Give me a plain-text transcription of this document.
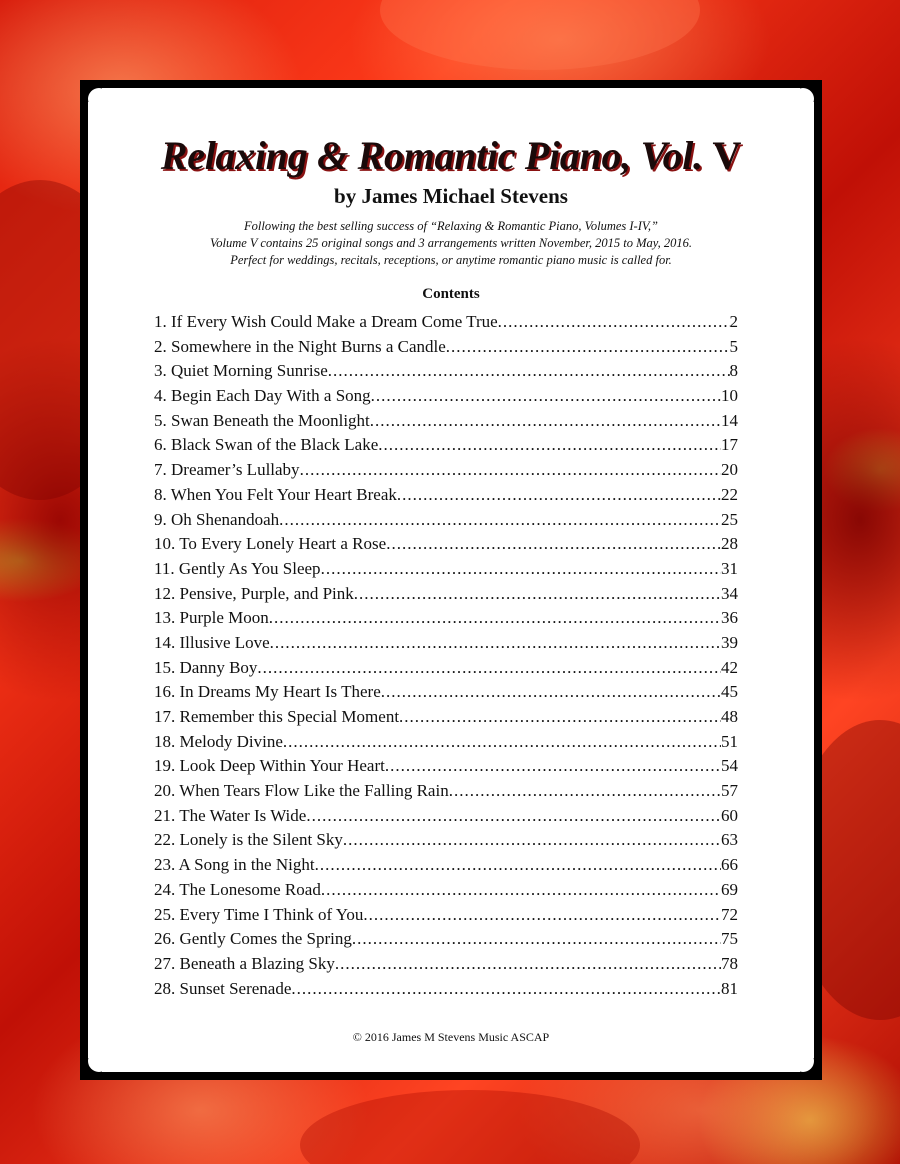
Relaxing & Romantic Piano, Vol. V
by James Michael Stevens
Following the best selling success of “Relaxing & Romantic Piano, Volumes I-IV,”
Volume V contains 25 original songs and 3 arrangements written November, 2015 to May, 2016.
Perfect for weddings, recitals, receptions, or anytime romantic piano music is called for.
Contents
1. If Every Wish Could Make a Dream Come True .....	2
2. Somewhere in the Night Burns a Candle .....	5
3. Quiet Morning Sunrise .....	8
4. Begin Each Day With a Song .....	10
5. Swan Beneath the Moonlight .....	14
6. Black Swan of the Black Lake .....	17
7. Dreamer’s Lullaby .....	20
8. When You Felt Your Heart Break .....	22
9. Oh Shenandoah .....	25
10. To Every Lonely Heart a Rose .....	28
11. Gently As You Sleep .....	31
12. Pensive, Purple, and Pink .....	34
13. Purple Moon .....	36
14. Illusive Love .....	39
15. Danny Boy .....	42
16. In Dreams My Heart Is There .....	45
17. Remember this Special Moment .....	48
18. Melody Divine .....	51
19. Look Deep Within Your Heart .....	54
20. When Tears Flow Like the Falling Rain .....	57
21. The Water Is Wide .....	60
22. Lonely is the Silent Sky .....	63
23. A Song in the Night .....	66
24. The Lonesome Road .....	69
25. Every Time I Think of You .....	72
26. Gently Comes the Spring .....	75
27. Beneath a Blazing Sky .....	78
28. Sunset Serenade .....	81
© 2016 James M Stevens Music ASCAP
